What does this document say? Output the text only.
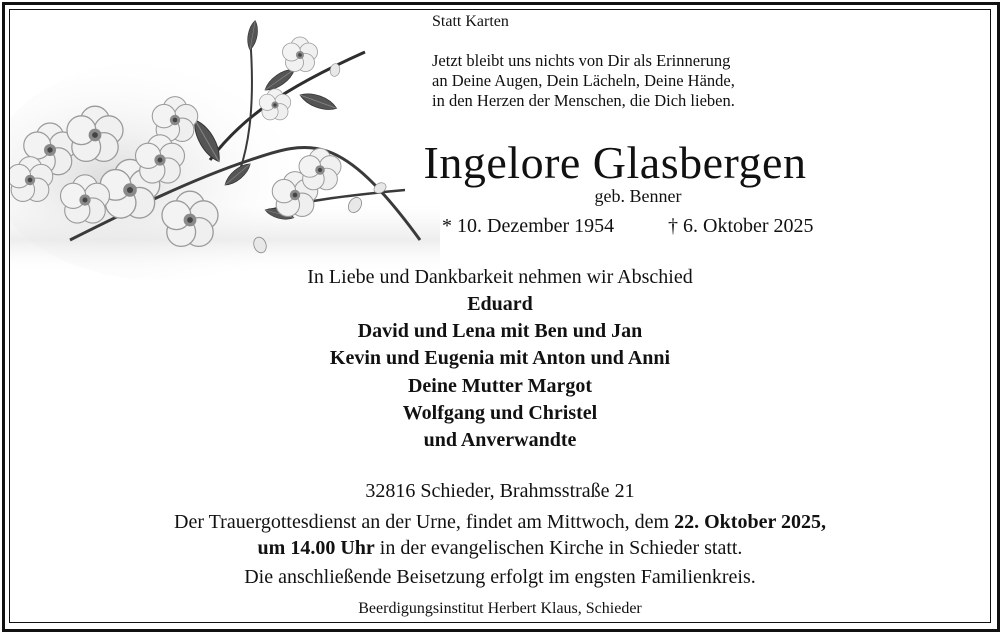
Statt Karten
Jetzt bleibt uns nichts von Dir als Erinnerung
an Deine Augen, Dein Lächeln, Deine Hände,
in den Herzen der Menschen, die Dich lieben.
Ingelore Glasbergen
geb. Benner
* 10. Dezember 1954	† 6. Oktober 2025
In Liebe und Dankbarkeit nehmen wir Abschied
Eduard
David und Lena mit Ben und Jan
Kevin und Eugenia mit Anton und Anni
Deine Mutter Margot
Wolfgang und Christel
und Anverwandte
32816 Schieder, Brahmsstraße 21
Der Trauergottesdienst an der Urne, findet am Mittwoch, dem 22. Oktober 2025,
um 14.00 Uhr in der evangelischen Kirche in Schieder statt.
Die anschließende Beisetzung erfolgt im engsten Familienkreis.
Beerdigungsinstitut Herbert Klaus, Schieder
